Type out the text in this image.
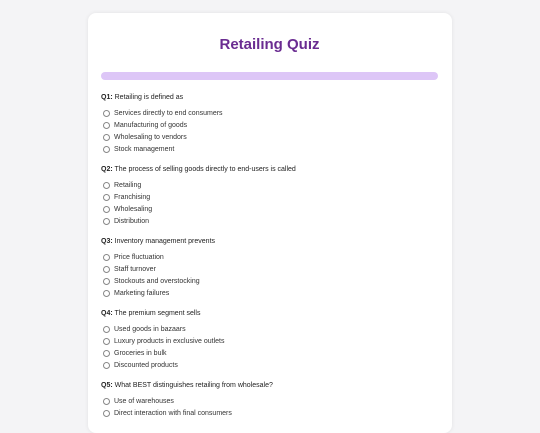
Retailing Quiz
Q1: Retailing is defined as
Services directly to end consumers
Manufacturing of goods
Wholesaling to vendors
Stock management
Q2: The process of selling goods directly to end-users is called
Retailing
Franchising
Wholesaling
Distribution
Q3: Inventory management prevents
Price fluctuation
Staff turnover
Stockouts and overstocking
Marketing failures
Q4: The premium segment sells
Used goods in bazaars
Luxury products in exclusive outlets
Groceries in bulk
Discounted products
Q5: What BEST distinguishes retailing from wholesale?
Use of warehouses
Direct interaction with final consumers
